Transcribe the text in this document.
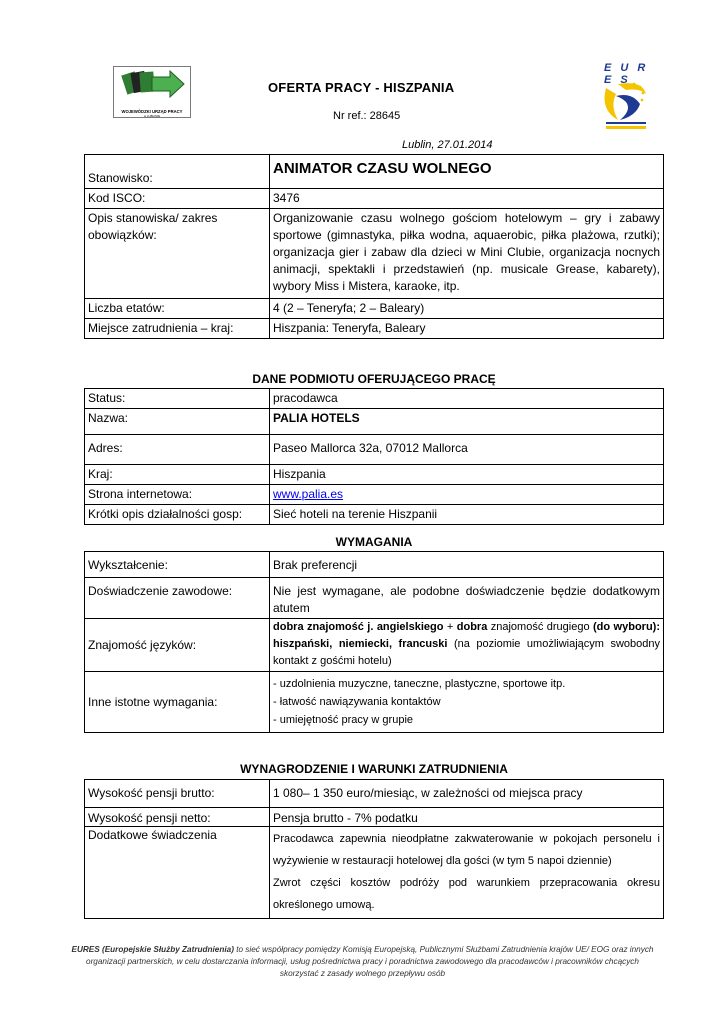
WOJEWÓDZKI URZĄD PRACY
w LUBLINIE
E U R E S
OFERTA PRACY - HISZPANIA
Nr ref.: 28645
Lublin, 27.01.2014
Stanowisko:	ANIMATOR CZASU WOLNEGO
Kod ISCO:	3476
Opis stanowiska/ zakres obowiązków:	Organizowanie czasu wolnego gościom hotelowym – gry i zabawy sportowe (gimnastyka, piłka wodna, aquaerobic, piłka plażowa, rzutki); organizacja gier i zabaw dla dzieci w Mini Clubie, organizacja nocnych animacji, spektakli i przedstawień (np. musicale Grease, kabarety), wybory Miss i Mistera, karaoke, itp.
Liczba etatów:	4 (2 – Teneryfa; 2 – Baleary)
Miejsce zatrudnienia – kraj:	Hiszpania: Teneryfa, Baleary
DANE PODMIOTU OFERUJĄCEGO PRACĘ
Status:	pracodawca
Nazwa:	PALIA HOTELS
Adres:	Paseo Mallorca 32a, 07012 Mallorca
Kraj:	Hiszpania
Strona internetowa:	www.palia.es
Krótki opis działalności gosp:	Sieć hoteli na terenie Hiszpanii
WYMAGANIA
Wykształcenie:	Brak preferencji
Doświadczenie zawodowe:	Nie jest wymagane, ale podobne doświadczenie będzie dodatkowym atutem
Znajomość języków:	dobra znajomość j. angielskiego + dobra znajomość drugiego (do wyboru): hiszpański, niemiecki, francuski (na poziomie umożliwiającym swobodny kontakt z gośćmi hotelu)
Inne istotne wymagania:	- uzdolnienia muzyczne, taneczne, plastyczne, sportowe itp.
- łatwość nawiązywania kontaktów
- umiejętność pracy w grupie
WYNAGRODZENIE I WARUNKI ZATRUDNIENIA
Wysokość pensji brutto:	1 080– 1 350 euro/miesiąc, w zależności od miejsca pracy
Wysokość pensji netto:	Pensja brutto - 7% podatku
Dodatkowe świadczenia	Pracodawca zapewnia nieodpłatne zakwaterowanie w pokojach personelu i wyżywienie w restauracji hotelowej dla gości (w tym 5 napoi dziennie)
Zwrot części kosztów podróży pod warunkiem przepracowania okresu określonego umową.
EURES (Europejskie Służby Zatrudnienia) to sieć współpracy pomiędzy Komisją Europejską, Publicznymi Służbami Zatrudnienia krajów UE/ EOG oraz innych organizacji partnerskich, w celu dostarczania informacji, usług pośrednictwa pracy i poradnictwa zawodowego dla pracodawców i pracowników chcących skorzystać z zasady wolnego przepływu osób
